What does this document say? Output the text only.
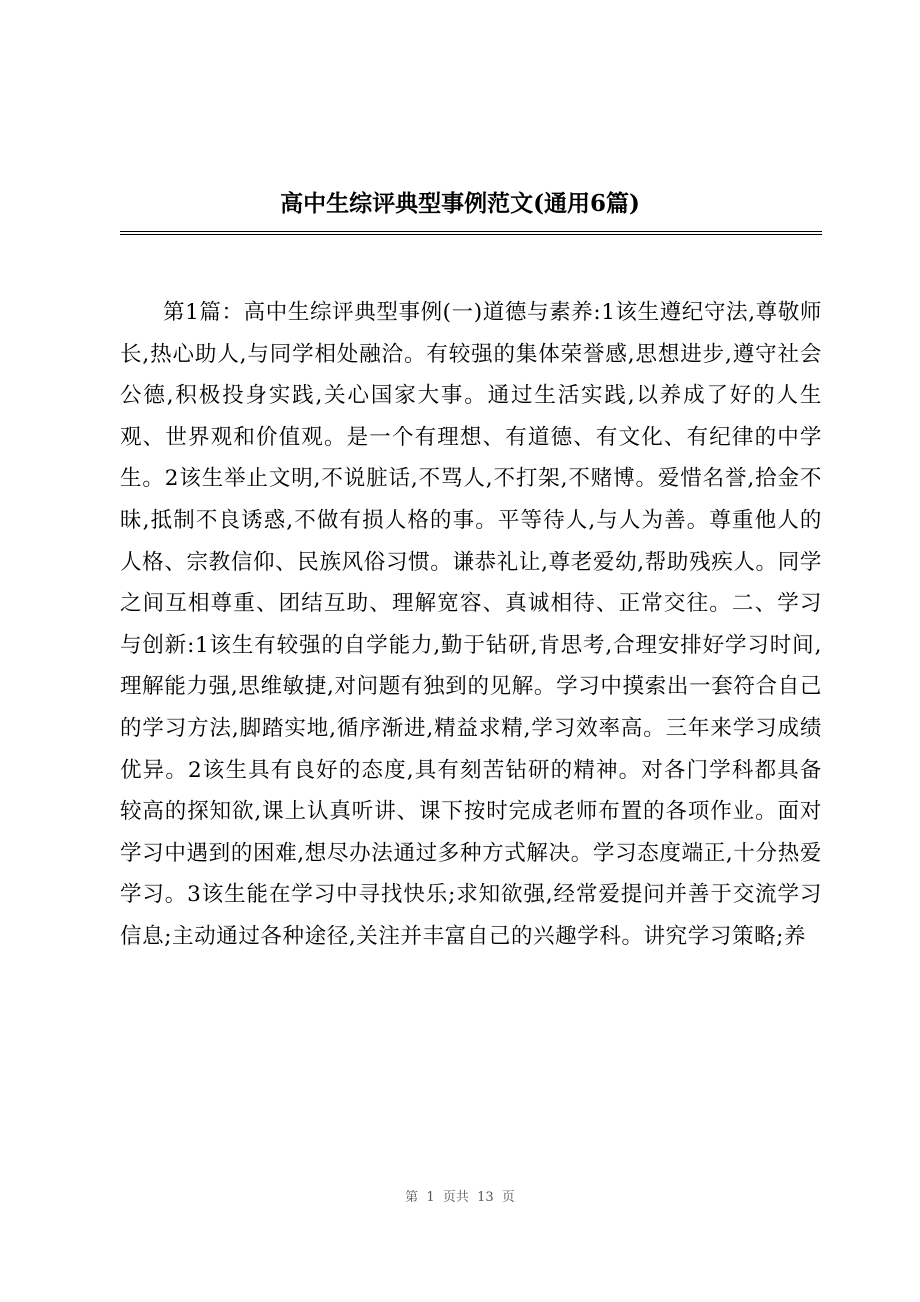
高中生综评典型事例范文(通用6篇)

第1篇：高中生综评典型事例(一)道德与素养:1该生遵纪守法,尊敬师长,热心助人,与同学相处融洽。有较强的集体荣誉感,思想进步,遵守社会公德,积极投身实践,关心国家大事。通过生活实践,以养成了好的人生观、世界观和价值观。是一个有理想、有道德、有文化、有纪律的中学生。2该生举止文明,不说脏话,不骂人,不打架,不赌博。爱惜名誉,拾金不昧,抵制不良诱惑,不做有损人格的事。平等待人,与人为善。尊重他人的人格、宗教信仰、民族风俗习惯。谦恭礼让,尊老爱幼,帮助残疾人。同学之间互相尊重、团结互助、理解宽容、真诚相待、正常交往。二、学习与创新:1该生有较强的自学能力,勤于钻研,肯思考,合理安排好学习时间,理解能力强,思维敏捷,对问题有独到的见解。学习中摸索出一套符合自己的学习方法,脚踏实地,循序渐进,精益求精,学习效率高。三年来学习成绩优异。2该生具有良好的态度,具有刻苦钻研的精神。对各门学科都具备较高的探知欲,课上认真听讲、课下按时完成老师布置的各项作业。面对学习中遇到的困难,想尽办法通过多种方式解决。学习态度端正,十分热爱学习。3该生能在学习中寻找快乐;求知欲强,经常爱提问并善于交流学习信息;主动通过各种途径,关注并丰富自己的兴趣学科。讲究学习策略;养

第  1  页共  13  页
